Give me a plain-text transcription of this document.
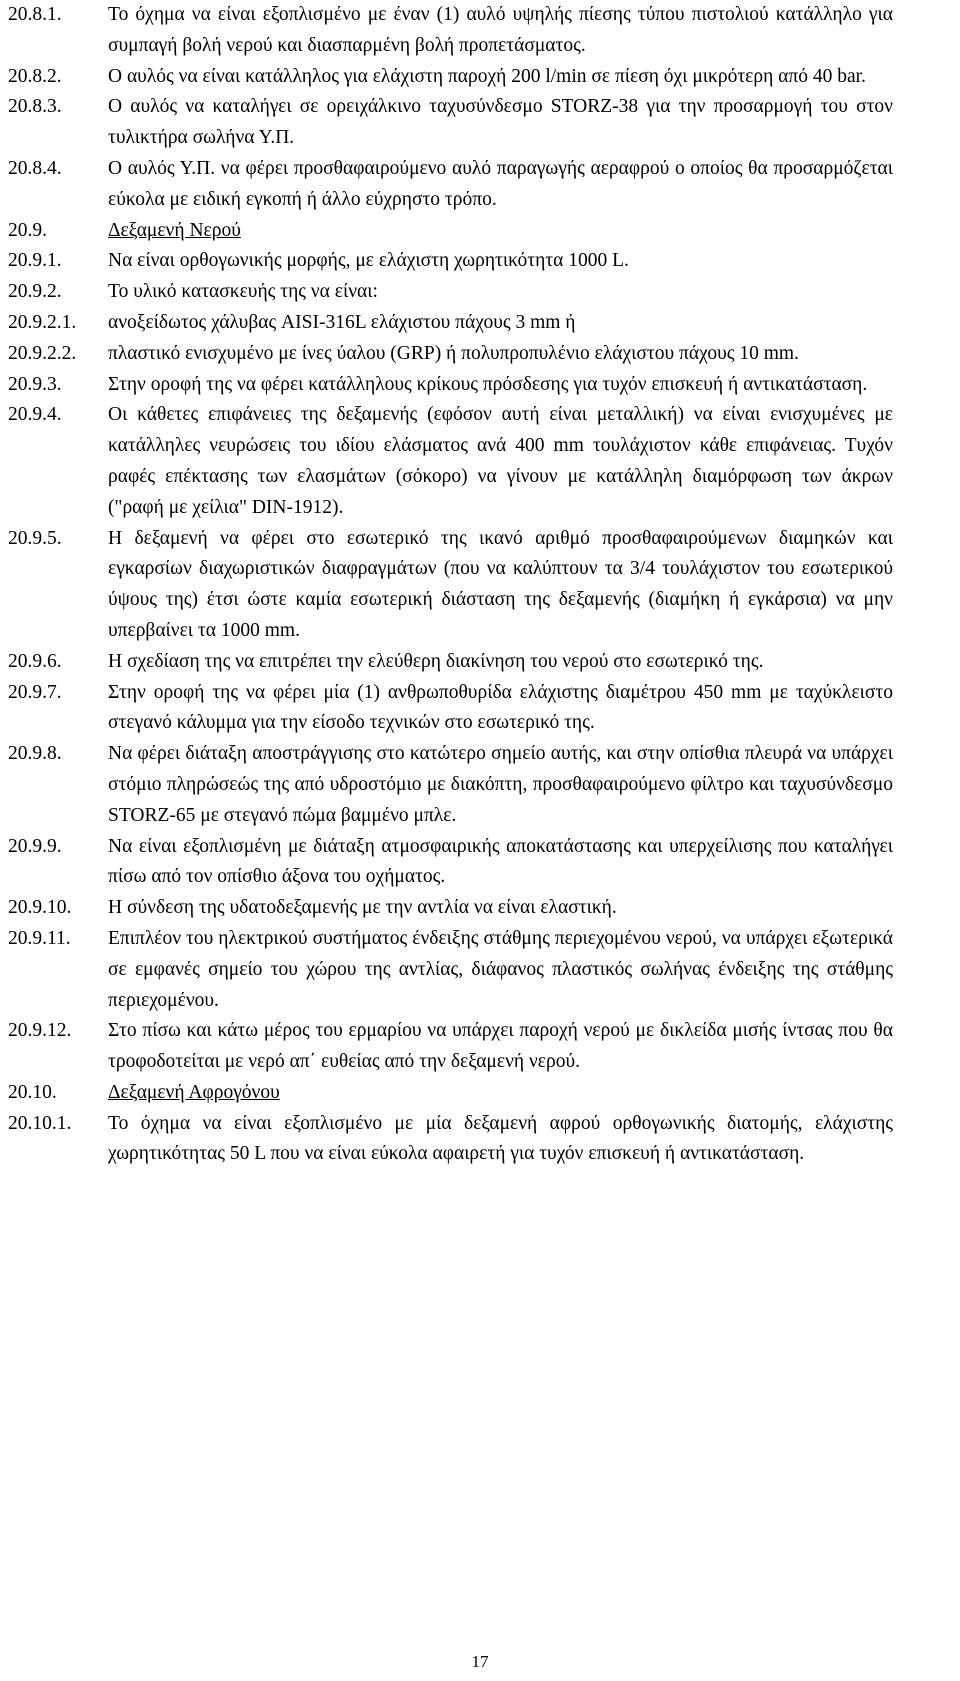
20.8.1.	Το όχημα να είναι εξοπλισμένο με έναν (1) αυλό υψηλής πίεσης τύπου πιστολιού κατάλληλο για συμπαγή βολή νερού και διασπαρμένη βολή προπετάσματος.
20.8.2.	Ο αυλός να είναι κατάλληλος για ελάχιστη παροχή 200 l/min σε πίεση όχι μικρότερη από 40 bar.
20.8.3.	Ο αυλός να καταλήγει σε ορειχάλκινο ταχυσύνδεσμο STORZ-38 για την προσαρμογή του στον τυλικτήρα σωλήνα Υ.Π.
20.8.4.	Ο αυλός Υ.Π. να φέρει προσθαφαιρούμενο αυλό παραγωγής αεραφρού ο οποίος θα προσαρμόζεται εύκολα με ειδική εγκοπή ή άλλο εύχρηστο τρόπο.
20.9.	Δεξαμενή Νερού
20.9.1.	Να είναι ορθογωνικής μορφής, με ελάχιστη χωρητικότητα 1000 L.
20.9.2.	Το υλικό κατασκευής της να είναι:
20.9.2.1.	ανοξείδωτος χάλυβας AISI-316L ελάχιστου πάχους 3 mm ή
20.9.2.2.	πλαστικό ενισχυμένο με ίνες ύαλου (GRP) ή πολυπροπυλένιο ελάχιστου πάχους 10 mm.
20.9.3.	Στην οροφή της να φέρει κατάλληλους κρίκους πρόσδεσης για τυχόν επισκευή ή αντικατάσταση.
20.9.4.	Οι κάθετες επιφάνειες της δεξαμενής (εφόσον αυτή είναι μεταλλική) να είναι ενισχυμένες με κατάλληλες νευρώσεις του ιδίου ελάσματος ανά 400 mm τουλάχιστον κάθε επιφάνειας. Τυχόν ραφές επέκτασης των ελασμάτων (σόκορο) να γίνουν με κατάλληλη διαμόρφωση των άκρων ("ραφή με χείλια" DIN-1912).
20.9.5.	Η δεξαμενή να φέρει στο εσωτερικό της ικανό αριθμό προσθαφαιρούμενων διαμηκών και εγκαρσίων διαχωριστικών διαφραγμάτων (που να καλύπτουν τα 3/4 τουλάχιστον του εσωτερικού ύψους της) έτσι ώστε καμία εσωτερική διάσταση της δεξαμενής (διαμήκη ή εγκάρσια) να μην υπερβαίνει τα 1000 mm.
20.9.6.	Η σχεδίαση της να επιτρέπει την ελεύθερη διακίνηση του νερού στο εσωτερικό της.
20.9.7.	Στην οροφή της να φέρει μία (1) ανθρωποθυρίδα ελάχιστης διαμέτρου 450 mm με ταχύκλειστο στεγανό κάλυμμα για την είσοδο τεχνικών στο εσωτερικό της.
20.9.8.	Να φέρει διάταξη αποστράγγισης στο κατώτερο σημείο αυτής, και στην οπίσθια πλευρά να υπάρχει στόμιο πληρώσεώς της από υδροστόμιο με διακόπτη, προσθαφαιρούμενο φίλτρο και ταχυσύνδεσμο STORZ-65 με στεγανό πώμα βαμμένο μπλε.
20.9.9.	Να είναι εξοπλισμένη με διάταξη ατμοσφαιρικής αποκατάστασης και υπερχείλισης που καταλήγει πίσω από τον οπίσθιο άξονα του οχήματος.
20.9.10.	Η σύνδεση της υδατοδεξαμενής με την αντλία να είναι ελαστική.
20.9.11.	Επιπλέον του ηλεκτρικού συστήματος ένδειξης στάθμης περιεχομένου νερού, να υπάρχει εξωτερικά σε εμφανές σημείο του χώρου της αντλίας, διάφανος πλαστικός σωλήνας ένδειξης της στάθμης περιεχομένου.
20.9.12.	Στο πίσω και κάτω μέρος του ερμαρίου να υπάρχει παροχή νερού με δικλείδα μισής ίντσας που θα τροφοδοτείται με νερό απ΄ ευθείας από την δεξαμενή νερού.
20.10.	Δεξαμενή Αφρογόνου
20.10.1.	Το όχημα να είναι εξοπλισμένο με μία δεξαμενή αφρού ορθογωνικής διατομής, ελάχιστης χωρητικότητας 50 L που να είναι εύκολα αφαιρετή για τυχόν επισκευή ή αντικατάσταση.
17
